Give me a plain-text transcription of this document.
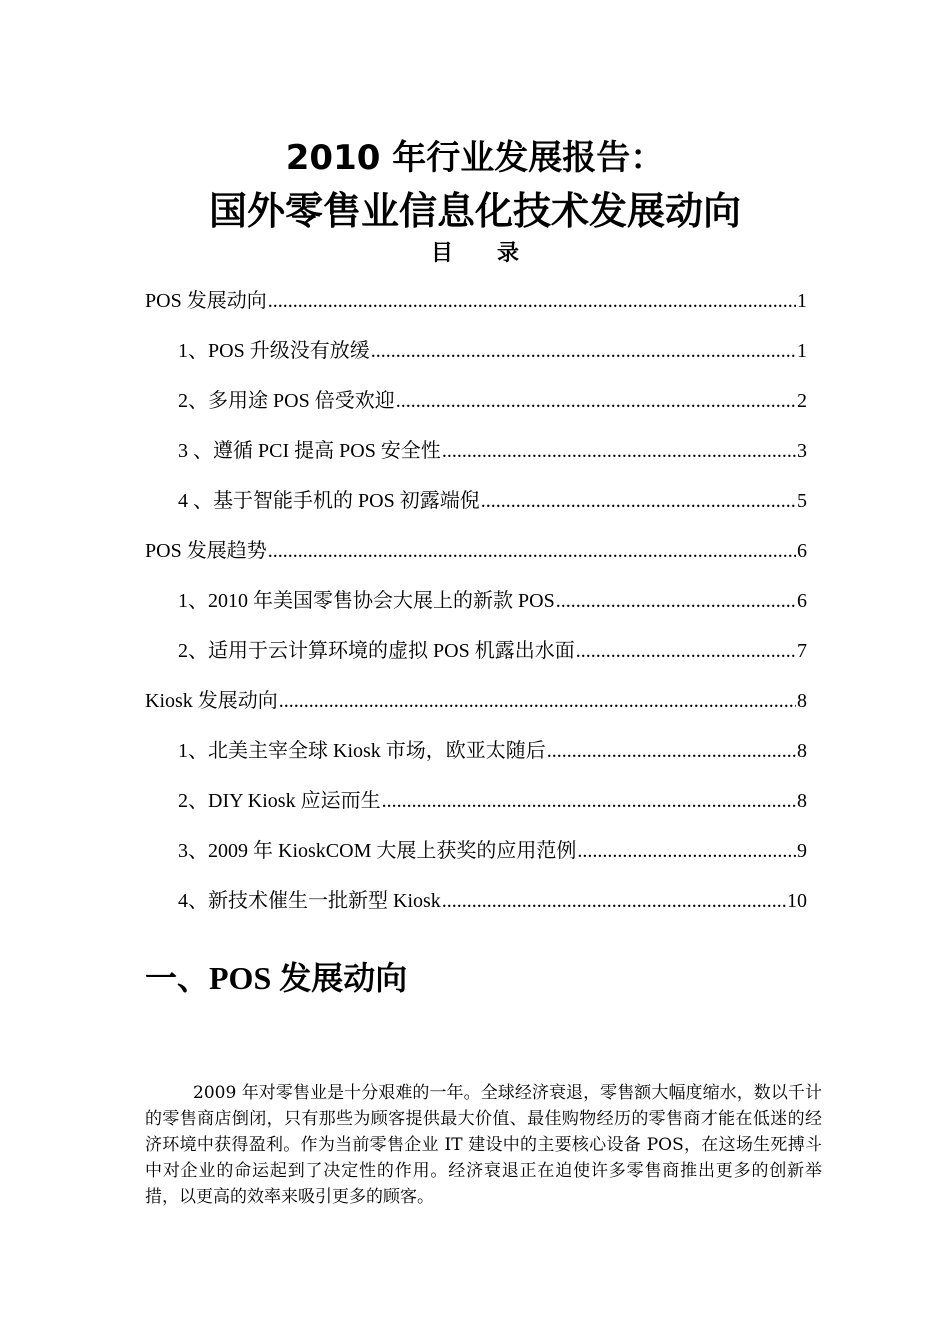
2010 年行业发展报告：
国外零售业信息化技术发展动向
目录
POS 发展动向 .....	1
1、POS 升级没有放缓 .....	1
2、多用途 POS 倍受欢迎 .....	2
3 、遵循 PCI 提高 POS 安全性 .....	3
4 、基于智能手机的 POS 初露端倪 .....	5
POS 发展趋势 .....	6
1、2010 年美国零售协会大展上的新款 POS .....	6
2、适用于云计算环境的虚拟 POS 机露出水面 .....	7
Kiosk 发展动向 .....	8
1、北美主宰全球 Kiosk 市场，欧亚太随后 .....	8
2、DIY Kiosk 应运而生 .....	8
3、2009 年 KioskCOM 大展上获奖的应用范例 .....	9
4、新技术催生一批新型 Kiosk .....	10
一、POS 发展动向
2009 年对零售业是十分艰难的一年。全球经济衰退，零售额大幅度缩水，数以千计的零售商店倒闭，只有那些为顾客提供最大价值、最佳购物经历的零售商才能在低迷的经济环境中获得盈利。作为当前零售企业 IT 建设中的主要核心设备 POS，在这场生死搏斗中对企业的命运起到了决定性的作用。经济衰退正在迫使许多零售商推出更多的创新举措，以更高的效率来吸引更多的顾客。
